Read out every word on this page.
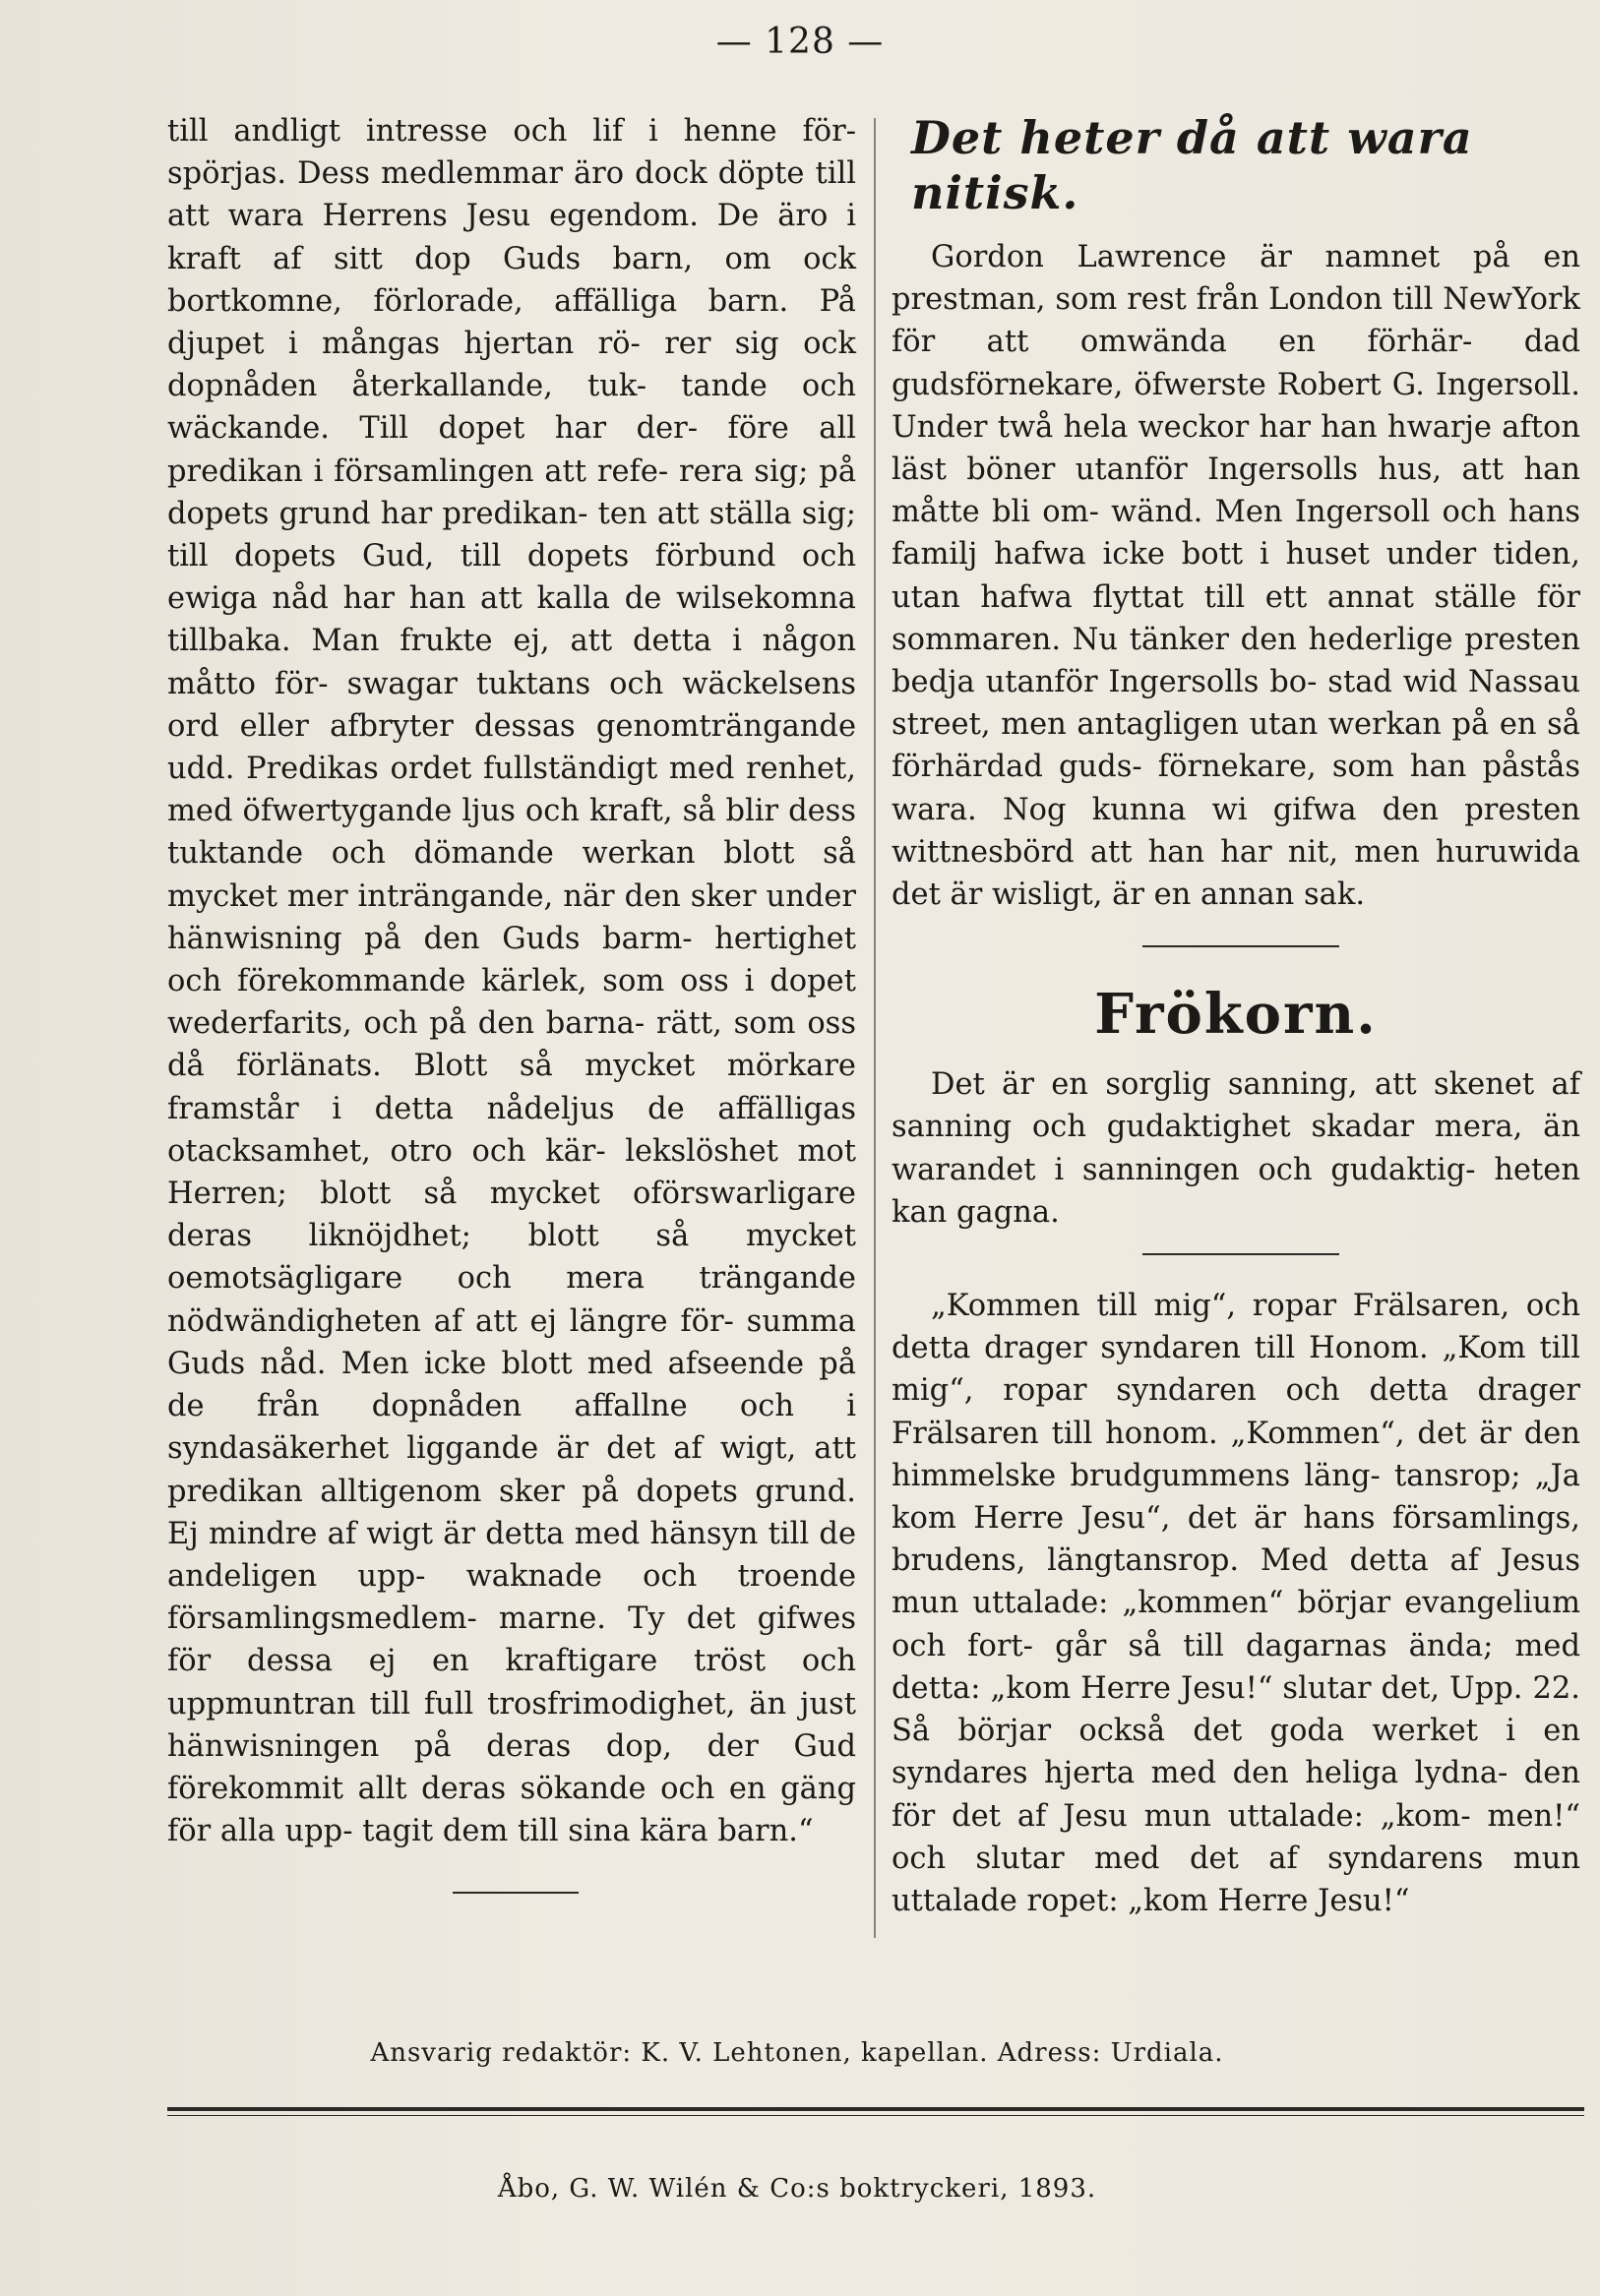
— 128 —

till andligt intresse och lif i henne för- spörjas. Dess medlemmar äro dock döpte till att wara Herrens Jesu egendom. De äro i kraft af sitt dop Guds barn, om ock bortkomne, förlorade, affälliga barn. På djupet i mångas hjertan rö- rer sig ock dopnåden återkallande, tuk- tande och wäckande. Till dopet har der- före all predikan i församlingen att refe- rera sig; på dopets grund har predikan- ten att ställa sig; till dopets Gud, till dopets förbund och ewiga nåd har han att kalla de wilsekomna tillbaka. Man frukte ej, att detta i någon måtto för- swagar tuktans och wäckelsens ord eller afbryter dessas genomträngande udd. Predikas ordet fullständigt med renhet, med öfwertygande ljus och kraft, så blir dess tuktande och dömande werkan blott så mycket mer inträngande, när den sker under hänwisning på den Guds barm- hertighet och förekommande kärlek, som oss i dopet wederfarits, och på den barna- rätt, som oss då förlänats. Blott så mycket mörkare framstår i detta nådeljus de affälligas otacksamhet, otro och kär- lekslöshet mot Herren; blott så mycket oförswarligare deras liknöjdhet; blott så mycket oemotsägligare och mera trängande nödwändigheten af att ej längre för- summa Guds nåd. Men icke blott med afseende på de från dopnåden affallne och i syndasäkerhet liggande är det af wigt, att predikan alltigenom sker på dopets grund. Ej mindre af wigt är detta med hänsyn till de andeligen upp- waknade och troende församlingsmedlem- marne. Ty det gifwes för dessa ej en kraftigare tröst och uppmuntran till full trosfrimodighet, än just hänwisningen på deras dop, der Gud förekommit allt deras sökande och en gäng för alla upp- tagit dem till sina kära barn.“

Det heter då att wara nitisk.

Gordon Lawrence är namnet på en prestman, som rest från London till NewYork för att omwända en förhär- dad gudsförnekare, öfwerste Robert G. Ingersoll. Under twå hela weckor har han hwarje afton läst böner utanför Ingersolls hus, att han måtte bli om- wänd. Men Ingersoll och hans familj hafwa icke bott i huset under tiden, utan hafwa flyttat till ett annat ställe för sommaren. Nu tänker den hederlige presten bedja utanför Ingersolls bo- stad wid Nassau street, men antagligen utan werkan på en så förhärdad guds- förnekare, som han påstås wara. Nog kunna wi gifwa den presten wittnesbörd att han har nit, men huruwida det är wisligt, är en annan sak.

Frökorn.

Det är en sorglig sanning, att skenet af sanning och gudaktighet skadar mera, än warandet i sanningen och gudaktig- heten kan gagna.

„Kommen till mig“, ropar Frälsaren, och detta drager syndaren till Honom. „Kom till mig“, ropar syndaren och detta drager Frälsaren till honom. „Kommen“, det är den himmelske brudgummens läng- tansrop; „Ja kom Herre Jesu“, det är hans församlings, brudens, längtansrop. Med detta af Jesus mun uttalade: „kommen“ börjar evangelium och fort- går så till dagarnas ända; med detta: „kom Herre Jesu!“ slutar det, Upp. 22. Så börjar också det goda werket i en syndares hjerta med den heliga lydna- den för det af Jesu mun uttalade: „kom- men!“ och slutar med det af syndarens mun uttalade ropet: „kom Herre Jesu!“

Ansvarig redaktör: K. V. Lehtonen, kapellan. Adress: Urdiala.
Åbo, G. W. Wilén & Co:s boktryckeri, 1893.
